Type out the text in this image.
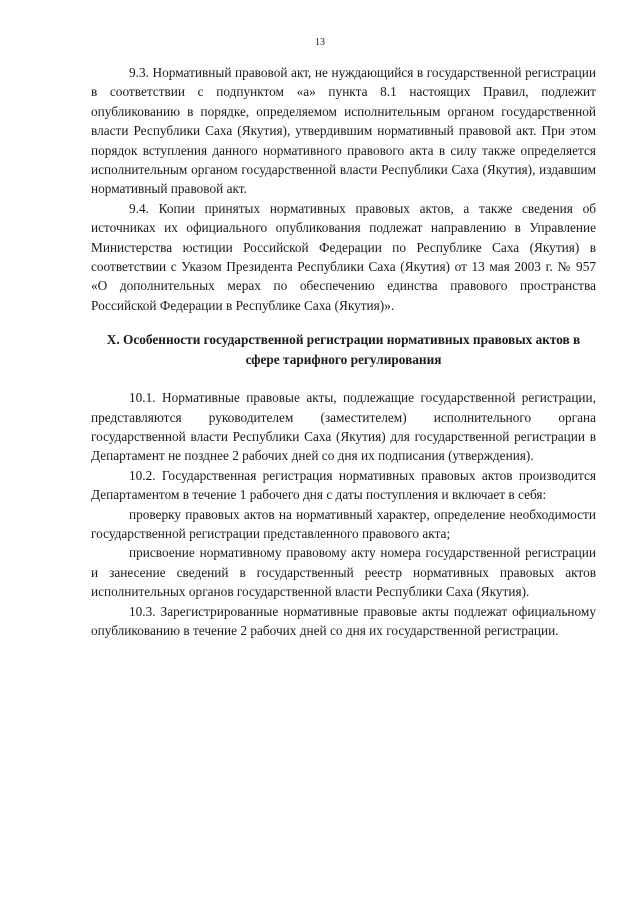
13

9.3. Нормативный правовой акт, не нуждающийся в государственной регистрации в соответствии с подпунктом «а» пункта 8.1 настоящих Правил, подлежит опубликованию в порядке, определяемом исполнительным органом государственной власти Республики Саха (Якутия), утвердившим нормативный правовой акт. При этом порядок вступления данного нормативного правового акта в силу также определяется исполнительным органом государственной власти Республики Саха (Якутия), издавшим нормативный правовой акт.

9.4. Копии принятых нормативных правовых актов, а также сведения об источниках их официального опубликования подлежат направлению в Управление Министерства юстиции Российской Федерации по Республике Саха (Якутия) в соответствии с Указом Президента Республики Саха (Якутия) от 13 мая 2003 г. № 957 «О дополнительных мерах по обеспечению единства правового пространства Российской Федерации в Республике Саха (Якутия)».

X. Особенности государственной регистрации нормативных правовых актов в сфере тарифного регулирования

10.1. Нормативные правовые акты, подлежащие государственной регистрации, представляются руководителем (заместителем) исполнительного органа государственной власти Республики Саха (Якутия) для государственной регистрации в Департамент не позднее 2 рабочих дней со дня их подписания (утверждения).

10.2. Государственная регистрация нормативных правовых актов производится Департаментом в течение 1 рабочего дня с даты поступления и включает в себя:

проверку правовых актов на нормативный характер, определение необходимости государственной регистрации представленного правового акта;

присвоение нормативному правовому акту номера государственной регистрации и занесение сведений в государственный реестр нормативных правовых актов исполнительных органов государственной власти Республики Саха (Якутия).

10.3. Зарегистрированные нормативные правовые акты подлежат официальному опубликованию в течение 2 рабочих дней со дня их государственной регистрации.
